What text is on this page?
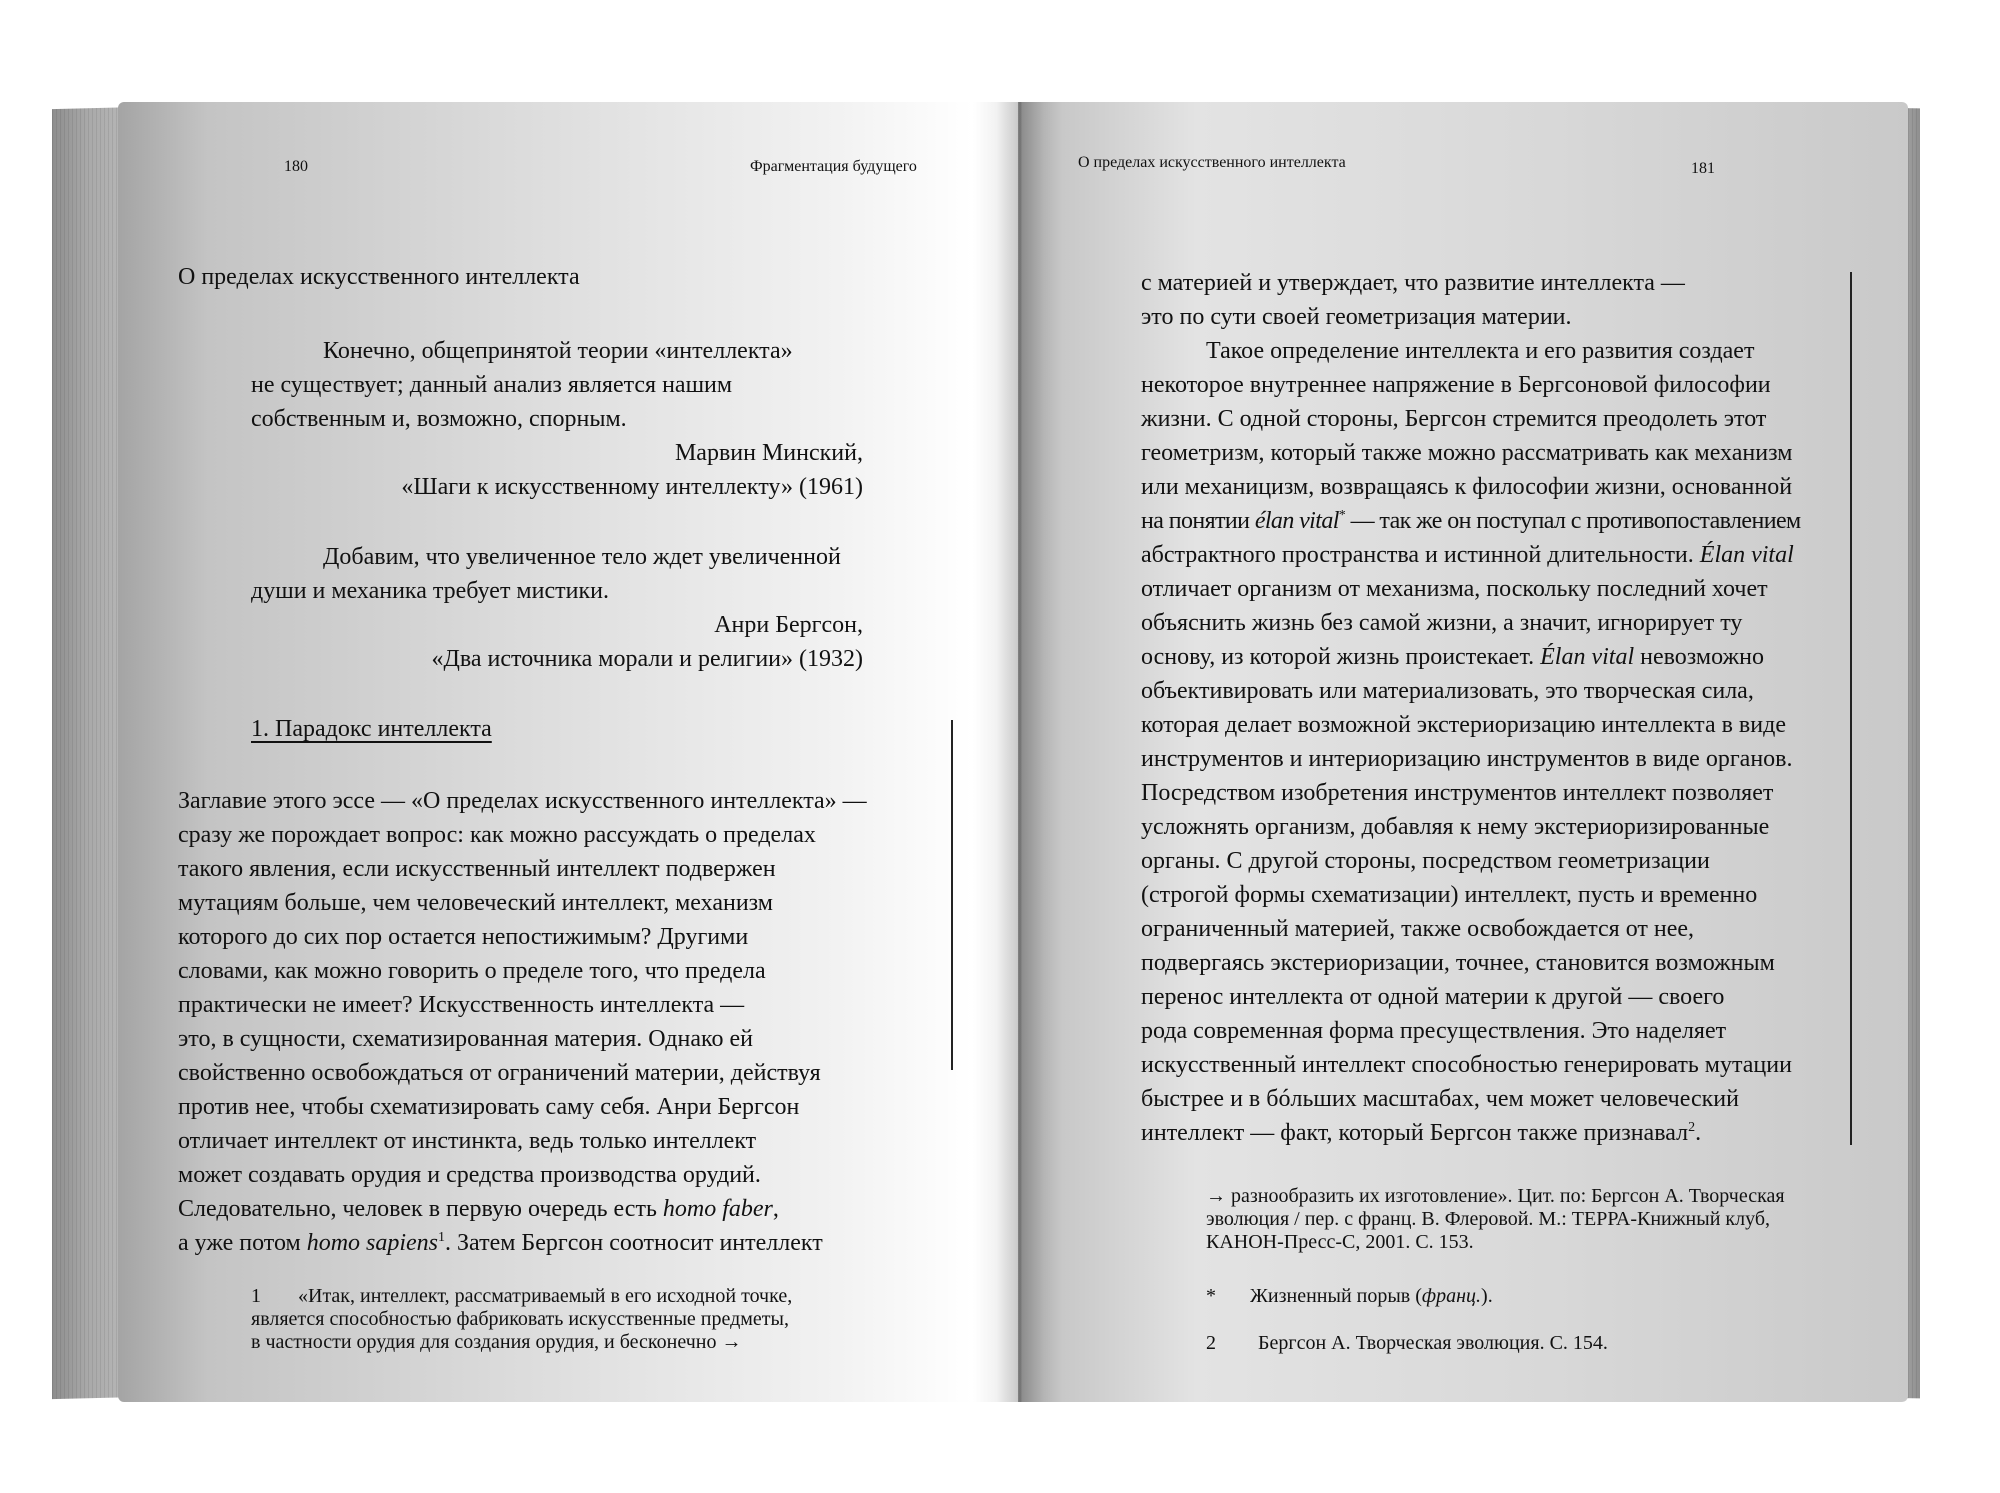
180	Фрагментация будущего
О пределах искусственного интеллекта
Конечно, общепринятой теории «интеллекта»
не существует; данный анализ является нашим
собственным и, возможно, спорным.
Марвин Минский,
«Шаги к искусственному интеллекту» (1961)
Добавим, что увеличенное тело ждет увеличенной
души и механика требует мистики.
Анри Бергсон,
«Два источника морали и религии» (1932)
1. Парадокс интеллекта
Заглавие этого эссе — «О пределах искусственного интеллекта» —
сразу же порождает вопрос: как можно рассуждать о пределах
такого явления, если искусственный интеллект подвержен
мутациям больше, чем человеческий интеллект, механизм
которого до сих пор остается непостижимым? Другими
словами, как можно говорить о пределе того, что предела
практически не имеет? Искусственность интеллекта —
это, в сущности, схематизированная материя. Однако ей
свойственно освобождаться от ограничений материи, действуя
против нее, чтобы схематизировать саму себя. Анри Бергсон
отличает интеллект от инстинкта, ведь только интеллект
может создавать орудия и средства производства орудий.
Следовательно, человек в первую очередь есть homo faber,
а уже потом homo sapiens$^1$. Затем Бергсон соотносит интеллект
1 «Итак, интеллект, рассматриваемый в его исходной точке,
является способностью фабриковать искусственные предметы,
в частности орудия для создания орудия, и бесконечно →
О пределах искусственного интеллекта	181
с материей и утверждает, что развитие интеллекта —
это по сути своей геометризация материи.
Такое определение интеллекта и его развития создает
некоторое внутреннее напряжение в Бергсоновой философии
жизни. С одной стороны, Бергсон стремится преодолеть этот
геометризм, который также можно рассматривать как механизм
или механицизм, возвращаясь к философии жизни, основанной
на понятии élan vital* — так же он поступал с противопоставлением
абстрактного пространства и истинной длительности. Élan vital
отличает организм от механизма, поскольку последний хочет
объяснить жизнь без самой жизни, а значит, игнорирует ту
основу, из которой жизнь проистекает. Élan vital невозможно
объективировать или материализовать, это творческая сила,
которая делает возможной экстериоризацию интеллекта в виде
инструментов и интериоризацию инструментов в виде органов.
Посредством изобретения инструментов интеллект позволяет
усложнять организм, добавляя к нему экстериоризированные
органы. С другой стороны, посредством геометризации
(строгой формы схематизации) интеллект, пусть и временно
ограниченный материей, также освобождается от нее,
подвергаясь экстериоризации, точнее, становится возможным
перенос интеллекта от одной материи к другой — своего
рода современная форма пресуществления. Это наделяет
искусственный интеллект способностью генерировать мутации
быстрее и в бóльших масштабах, чем может человеческий
интеллект — факт, который Бергсон также признавал$^2$.
→ разнообразить их изготовление». Цит. по: Бергсон А. Творческая
эволюция / пер. с франц. В. Флеровой. М.: ТЕРРА-Книжный клуб,
КАНОН-Пресс-С, 2001. С. 153.
* Жизненный порыв (франц.).
2 Бергсон А. Творческая эволюция. С. 154.
